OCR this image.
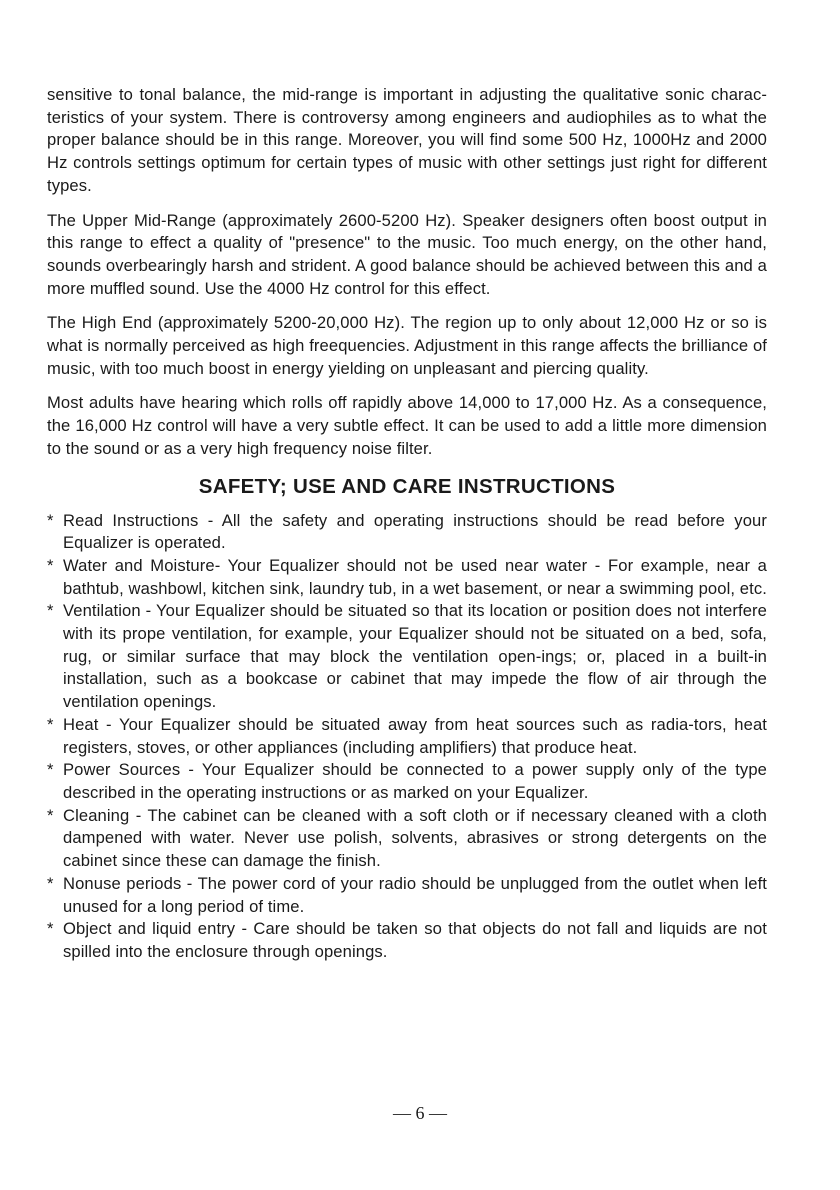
sensitive to tonal balance, the mid-range is important in adjusting the qualitative sonic charac-teristics of your system. There is controversy among engineers and audiophiles as to what the proper balance should be in this range. Moreover, you will find some 500 Hz, 1000Hz and 2000 Hz controls settings optimum for certain types of music with other settings just right for different types.

The Upper Mid-Range (approximately 2600-5200 Hz). Speaker designers often boost output in this range to effect a quality of "presence" to the music. Too much energy, on the other hand, sounds overbearingly harsh and strident. A good balance should be achieved between this and a more muffled sound. Use the 4000 Hz control for this effect.

The High End (approximately 5200-20,000 Hz). The region up to only about 12,000 Hz or so is what is normally perceived as high freequencies. Adjustment in this range affects the brilliance of music, with too much boost in energy yielding on unpleasant and piercing quality.

Most adults have hearing which rolls off rapidly above 14,000 to 17,000 Hz. As a consequence, the 16,000 Hz control will have a very subtle effect. It can be used to add a little more dimension to the sound or as a very high frequency noise filter.

SAFETY; USE AND CARE INSTRUCTIONS
* Read Instructions - All the safety and operating instructions should be read before your Equalizer is operated.
* Water and Moisture- Your Equalizer should not be used near water - For example, near a bathtub, washbowl, kitchen sink, laundry tub, in a wet basement, or near a swimming pool, etc.
* Ventilation - Your Equalizer should be situated so that its location or position does not interfere with its prope ventilation, for example, your Equalizer should not be situated on a bed, sofa, rug, or similar surface that may block the ventilation open-ings; or, placed in a built-in installation, such as a bookcase or cabinet that may impede the flow of air through the ventilation openings.
* Heat - Your Equalizer should be situated away from heat sources such as radia-tors, heat registers, stoves, or other appliances (including amplifiers) that produce heat.
* Power Sources - Your Equalizer should be connected to a power supply only of the type described in the operating instructions or as marked on your Equalizer.
* Cleaning - The cabinet can be cleaned with a soft cloth or if necessary cleaned with a cloth dampened with water. Never use polish, solvents, abrasives or strong detergents on the cabinet since these can damage the finish.
* Nonuse periods - The power cord of your radio should be unplugged from the outlet when left unused for a long period of time.
* Object and liquid entry - Care should be taken so that objects do not fall and liquids are not spilled into the enclosure through openings.
— 6 —
